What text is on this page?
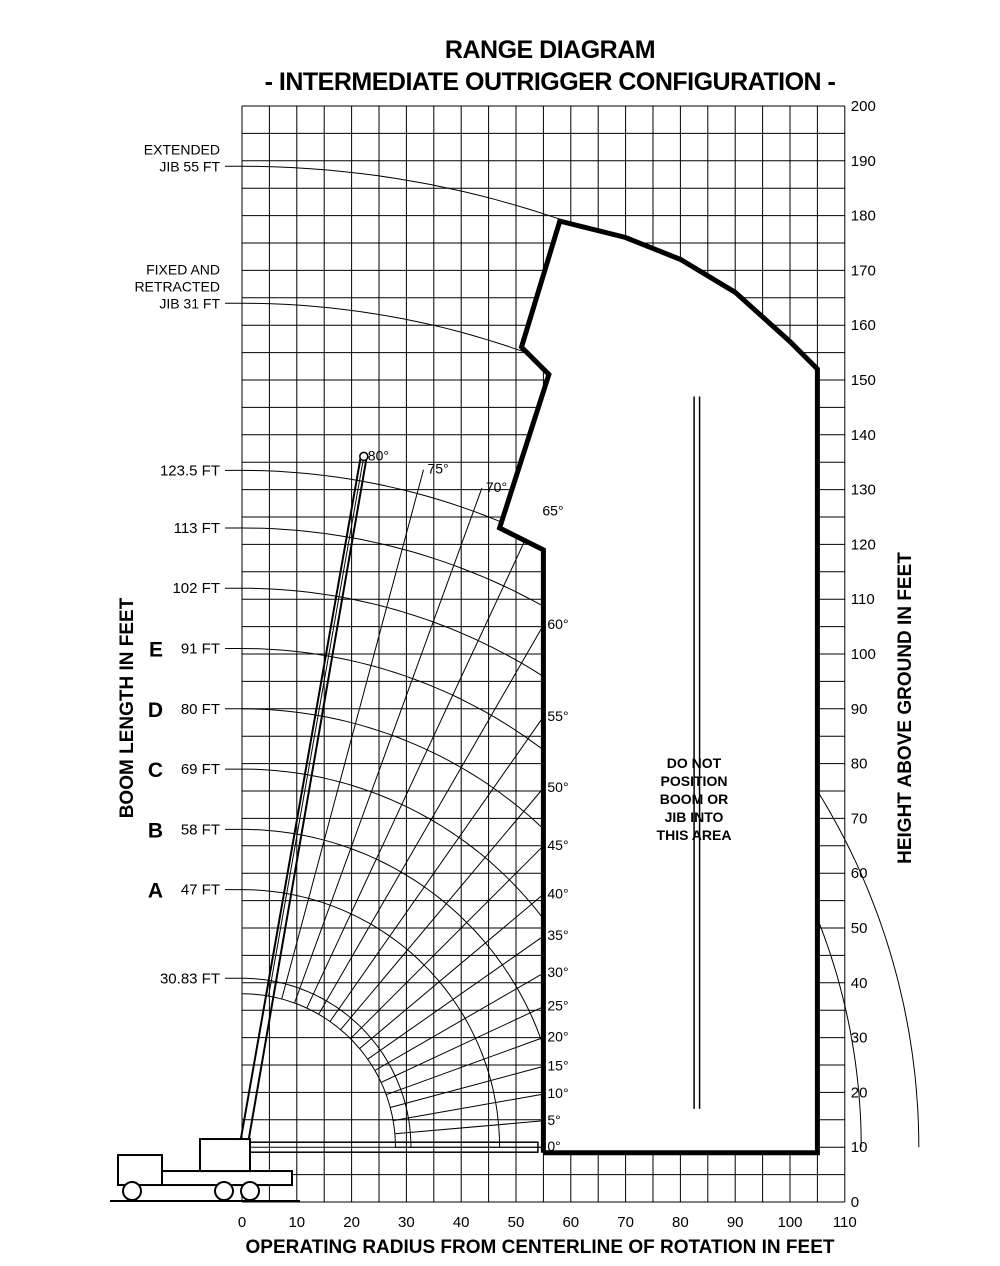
RANGE DIAGRAM
- INTERMEDIATE OUTRIGGER CONFIGURATION -
0	10	20	30	40	50	60	70	80	90 100 110
0
10
20
30
40
50
60
70
80
90
100
110
120
130
140
150
160
170
180
190
200
30.83 FT
47 FT
A
58 FT
B
69 FT
C
80 FT
D
91 FT
E
102 FT
113 FT
123.5 FT
FIXED AND
RETRACTED
JIB 31 FT
EXTENDED
JIB 55 FT
0°
5°
10°
15°
20°
25°
30°
35°
40°
45°
50°
55°
60°
65°
70°
75°
80°
OPERATING RADIUS FROM CENTERLINE OF ROTATION IN FEET
HEIGHT ABOVE GROUND IN FEET
BOOM LENGTH IN FEET	DO NOT
POSITION
BOOM OR
JIB INTO
THIS AREA
